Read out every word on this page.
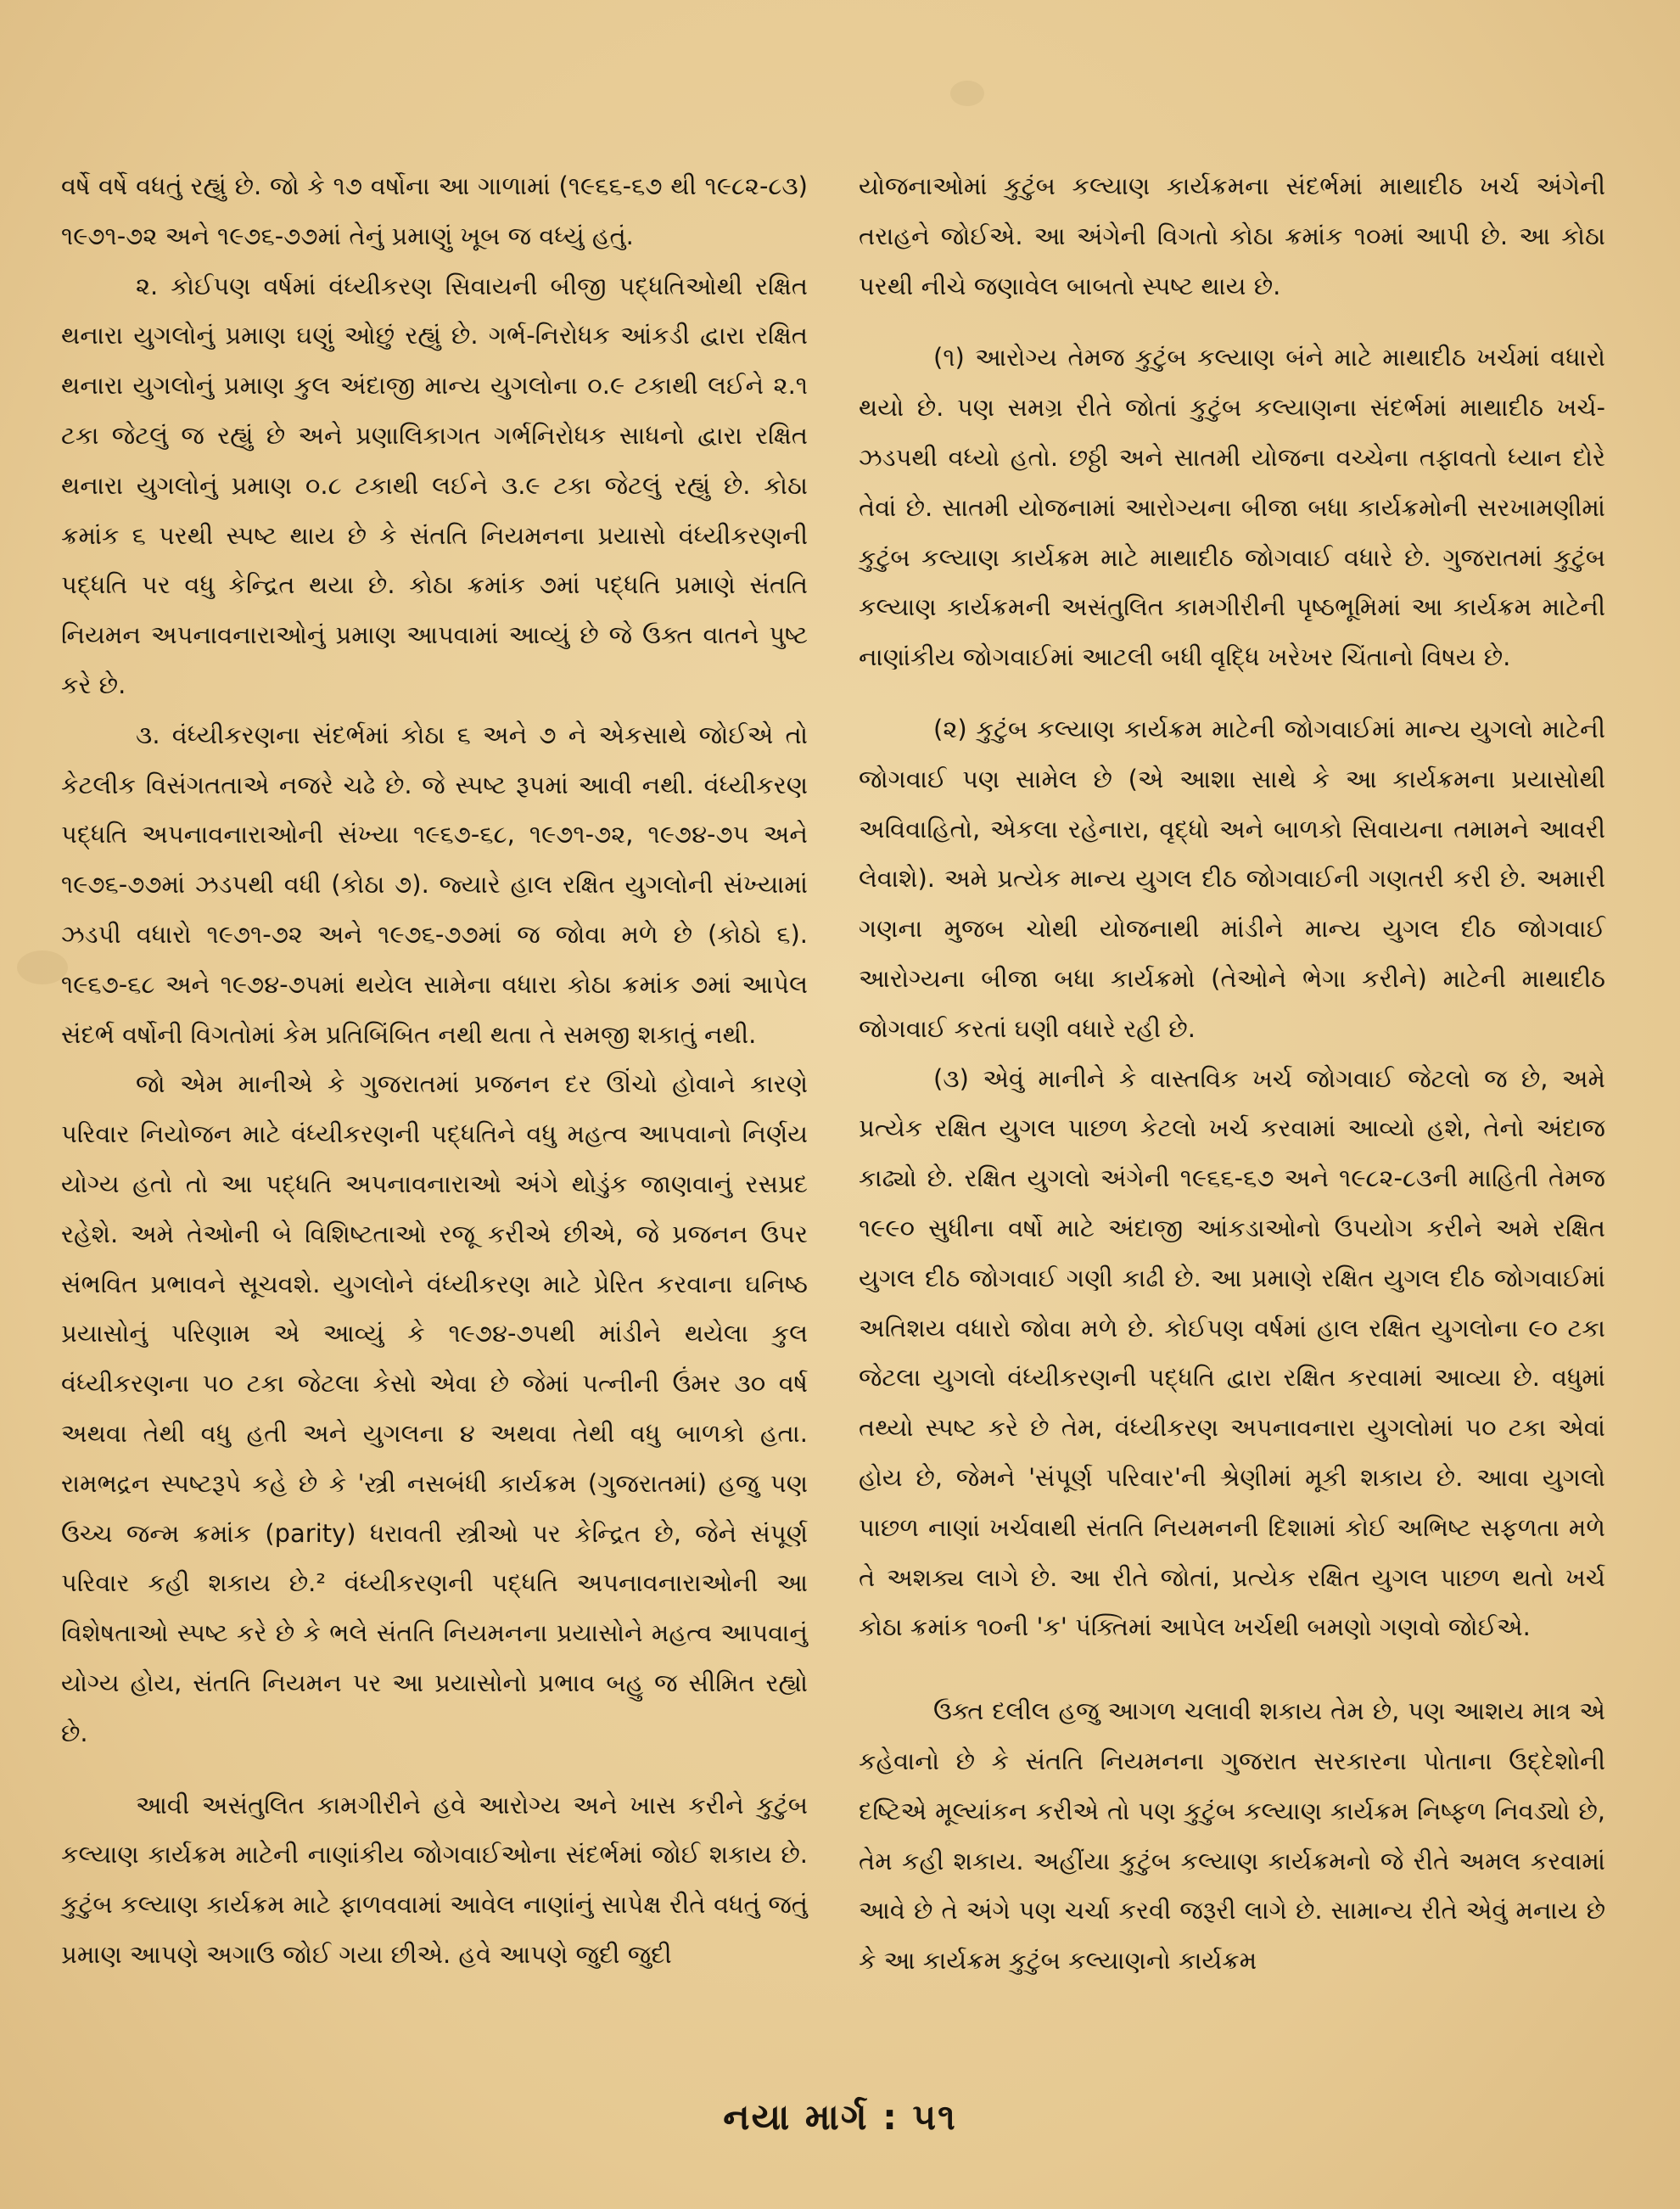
વર્ષે વર્ષે વધતું રહ્યું છે. જો કે ૧૭ વર્ષોના આ ગાળામાં (૧૯૬૬-૬૭ થી ૧૯૮૨-૮૩) ૧૯૭૧-૭૨ અને ૧૯૭૬-૭૭માં તેનું પ્રમાણું ખૂબ જ વધ્યું હતું.

૨. કોઈપણ વર્ષમાં વંધ્યીકરણ સિવાયની બીજી પદ્ધતિઓથી રક્ષિત થનારા યુગલોનું પ્રમાણ ઘણું ઓછું રહ્યું છે. ગર્ભ-નિરોધક આંકડી દ્વારા રક્ષિત થનારા યુગલોનું પ્રમાણ કુલ અંદાજી માન્ય યુગલોના ૦.૯ ટકાથી લઈને ૨.૧ ટકા જેટલું જ રહ્યું છે અને પ્રણાલિકાગત ગર્ભનિરોધક સાધનો દ્વારા રક્ષિત થનારા યુગલોનું પ્રમાણ ૦.૮ ટકાથી લઈને ૩.૯ ટકા જેટલું રહ્યું છે. કોઠા ક્રમાંક ૬ પરથી સ્પષ્ટ થાય છે કે સંતતિ નિયમનના પ્રયાસો વંધ્યીકરણની પદ્ધતિ પર વધુ કેન્દ્રિત થયા છે. કોઠા ક્રમાંક ૭માં પદ્ધતિ પ્રમાણે સંતતિ નિયમન અપનાવનારાઓનું પ્રમાણ આપવામાં આવ્યું છે જે ઉક્ત વાતને પુષ્ટ કરે છે.

૩. વંધ્યીકરણના સંદર્ભમાં કોઠા ૬ અને ૭ ને એકસાથે જોઈએ તો કેટલીક વિસંગતતાએ નજરે ચઢે છે. જે સ્પષ્ટ રૂપમાં આવી નથી. વંધ્યીકરણ પદ્ધતિ અપનાવનારાઓની સંખ્યા ૧૯૬૭-૬૮, ૧૯૭૧-૭૨, ૧૯૭૪-૭૫ અને ૧૯૭૬-૭૭માં ઝડપથી વધી (કોઠા ૭). જ્યારે હાલ રક્ષિત યુગલોની સંખ્યામાં ઝડપી વધારો ૧૯૭૧-૭૨ અને ૧૯૭૬-૭૭માં જ જોવા મળે છે (કોઠો ૬). ૧૯૬૭-૬૮ અને ૧૯૭૪-૭૫માં થયેલ સામેના વધારા કોઠા ક્રમાંક ૭માં આપેલ સંદર્ભ વર્ષોની વિગતોમાં કેમ પ્રતિબિંબિત નથી થતા તે સમજી શકાતું નથી.

જો એમ માનીએ કે ગુજરાતમાં પ્રજનન દર ઊંચો હોવાને કારણે પરિવાર નિયોજન માટે વંધ્યીકરણની પદ્ધતિને વધુ મહત્વ આપવાનો નિર્ણય યોગ્ય હતો તો આ પદ્ધતિ અપનાવનારાઓ અંગે થોડુંક જાણવાનું રસપ્રદ રહેશે. અમે તેઓની બે વિશિષ્ટતાઓ રજૂ કરીએ છીએ, જે પ્રજનન ઉપર સંભવિત પ્રભાવને સૂચવશે. યુગલોને વંધ્યીકરણ માટે પ્રેરિત કરવાના ઘનિષ્ઠ પ્રયાસોનું પરિણામ એ આવ્યું કે ૧૯૭૪-૭૫થી માંડીને થયેલા કુલ વંધ્યીકરણના ૫૦ ટકા જેટલા કેસો એવા છે જેમાં પત્નીની ઉંમર ૩૦ વર્ષ અથવા તેથી વધુ હતી અને યુગલના ૪ અથવા તેથી વધુ બાળકો હતા. રામભદ્રન સ્પષ્ટરૂપે કહે છે કે 'સ્ત્રી નસબંધી કાર્યક્રમ (ગુજરાતમાં) હજુ પણ ઉચ્ચ જન્મ ક્રમાંક (parity) ધરાવતી સ્ત્રીઓ પર કેન્દ્રિત છે, જેને સંપૂર્ણ પરિવાર કહી શકાય છે.² વંધ્યીકરણની પદ્ધતિ અપનાવનારાઓની આ વિશેષતાઓ સ્પષ્ટ કરે છે કે ભલે સંતતિ નિયમનના પ્રયાસોને મહત્વ આપવાનું યોગ્ય હોય, સંતતિ નિયમન પર આ પ્રયાસોનો પ્રભાવ બહુ જ સીમિત રહ્યો છે.

આવી અસંતુલિત કામગીરીને હવે આરોગ્ય અને ખાસ કરીને કુટુંબ કલ્યાણ કાર્યક્રમ માટેની નાણાંકીય જોગવાઈઓના સંદર્ભમાં જોઈ શકાય છે. કુટુંબ કલ્યાણ કાર્યક્રમ માટે ફાળવવામાં આવેલ નાણાંનું સાપેક્ષ રીતે વધતું જતું પ્રમાણ આપણે અગાઉ જોઈ ગયા છીએ. હવે આપણે જુદી જુદી

યોજનાઓમાં કુટુંબ કલ્યાણ કાર્યક્રમના સંદર્ભમાં માથાદીઠ ખર્ચ અંગેની તરાહને જોઈએ. આ અંગેની વિગતો કોઠા ક્રમાંક ૧૦માં આપી છે. આ કોઠા પરથી નીચે જણાવેલ બાબતો સ્પષ્ટ થાય છે.

(૧) આરોગ્ય તેમજ કુટુંબ કલ્યાણ બંને માટે માથાદીઠ ખર્ચમાં વધારો થયો છે. પણ સમગ્ર રીતે જોતાં કુટુંબ કલ્યાણના સંદર્ભમાં માથાદીઠ ખર્ચ-ઝડપથી વધ્યો હતો. છઠ્ઠી અને સાતમી યોજના વચ્ચેના તફાવતો ધ્યાન દોરે તેવાં છે. સાતમી યોજનામાં આરોગ્યના બીજા બધા કાર્યક્રમોની સરખામણીમાં કુટુંબ કલ્યાણ કાર્યક્રમ માટે માથાદીઠ જોગવાઈ વધારે છે. ગુજરાતમાં કુટુંબ કલ્યાણ કાર્યક્રમની અસંતુલિત કામગીરીની પૃષ્ઠભૂમિમાં આ કાર્યક્રમ માટેની નાણાંકીય જોગવાઈમાં આટલી બધી વૃદ્ધિ ખરેખર ચિંતાનો વિષય છે.

(૨) કુટુંબ કલ્યાણ કાર્યક્રમ માટેની જોગવાઈમાં માન્ય યુગલો માટેની જોગવાઈ પણ સામેલ છે (એ આશા સાથે કે આ કાર્યક્રમના પ્રયાસોથી અવિવાહિતો, એકલા રહેનારા, વૃદ્ધો અને બાળકો સિવાયના તમામને આવરી લેવાશે). અમે પ્રત્યેક માન્ય યુગલ દીઠ જોગવાઈની ગણતરી કરી છે. અમારી ગણના મુજબ ચોથી યોજનાથી માંડીને માન્ય યુગલ દીઠ જોગવાઈ આરોગ્યના બીજા બધા કાર્યક્રમો (તેઓને ભેગા કરીને) માટેની માથાદીઠ જોગવાઈ કરતાં ઘણી વધારે રહી છે.

(૩) એવું માનીને કે વાસ્તવિક ખર્ચ જોગવાઈ જેટલો જ છે, અમે પ્રત્યેક રક્ષિત યુગલ પાછળ કેટલો ખર્ચ કરવામાં આવ્યો હશે, તેનો અંદાજ કાઢ્યો છે. રક્ષિત યુગલો અંગેની ૧૯૬૬-૬૭ અને ૧૯૮૨-૮૩ની માહિતી તેમજ ૧૯૯૦ સુધીના વર્ષો માટે અંદાજી આંકડાઓનો ઉપયોગ કરીને અમે રક્ષિત યુગલ દીઠ જોગવાઈ ગણી કાઢી છે. આ પ્રમાણે રક્ષિત યુગલ દીઠ જોગવાઈમાં અતિશય વધારો જોવા મળે છે. કોઈપણ વર્ષમાં હાલ રક્ષિત યુગલોના ૯૦ ટકા જેટલા યુગલો વંધ્યીકરણની પદ્ધતિ દ્વારા રક્ષિત કરવામાં આવ્યા છે. વધુમાં તથ્યો સ્પષ્ટ કરે છે તેમ, વંધ્યીકરણ અપનાવનારા યુગલોમાં ૫૦ ટકા એવાં હોય છે, જેમને 'સંપૂર્ણ પરિવાર'ની શ્રેણીમાં મૂકી શકાય છે. આવા યુગલો પાછળ નાણાં ખર્ચવાથી સંતતિ નિયમનની દિશામાં કોઈ અભિષ્ટ સફળતા મળે તે અશક્ય લાગે છે. આ રીતે જોતાં, પ્રત્યેક રક્ષિત યુગલ પાછળ થતો ખર્ચ કોઠા ક્રમાંક ૧૦ની 'ક' પંક્તિમાં આપેલ ખર્ચથી બમણો ગણવો જોઈએ.

ઉક્ત દલીલ હજુ આગળ ચલાવી શકાય તેમ છે, પણ આશય માત્ર એ કહેવાનો છે કે સંતતિ નિયમનના ગુજરાત સરકારના પોતાના ઉદ્દેશોની દષ્ટિએ મૂલ્યાંકન કરીએ તો પણ કુટુંબ કલ્યાણ કાર્યક્રમ નિષ્ફળ નિવડ્યો છે, તેમ કહી શકાય. અહીંયા કુટુંબ કલ્યાણ કાર્યક્રમનો જે રીતે અમલ કરવામાં આવે છે તે અંગે પણ ચર્ચા કરવી જરૂરી લાગે છે. સામાન્ય રીતે એવું મનાય છે કે આ કાર્યક્રમ કુટુંબ કલ્યાણનો કાર્યક્રમ

નયા માર્ગ : ૫૧
